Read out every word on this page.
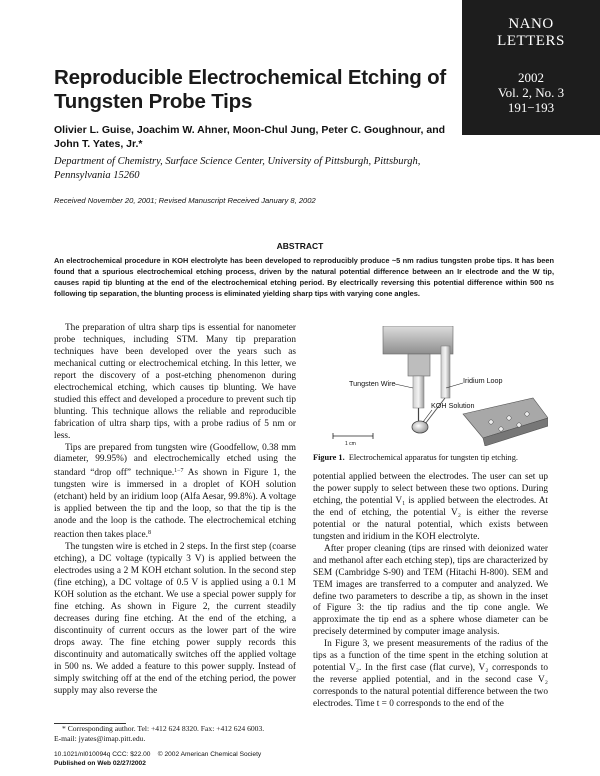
NANO
LETTERS
2002
Vol. 2, No. 3
191−193
Reproducible Electrochemical Etching of Tungsten Probe Tips
Olivier L. Guise, Joachim W. Ahner, Moon-Chul Jung, Peter C. Goughnour, and John T. Yates, Jr.*
Department of Chemistry, Surface Science Center, University of Pittsburgh, Pittsburgh, Pennsylvania 15260
Received November 20, 2001; Revised Manuscript Received January 8, 2002
ABSTRACT
An electrochemical procedure in KOH electrolyte has been developed to reproducibly produce ~5 nm radius tungsten probe tips. It has been found that a spurious electrochemical etching process, driven by the natural potential difference between an Ir electrode and the W tip, causes rapid tip blunting at the end of the electrochemical etching period. By electrically reversing this potential difference within 500 ns following tip separation, the blunting process is eliminated yielding sharp tips with varying cone angles.

The preparation of ultra sharp tips is essential for nanometer probe techniques, including STM. Many tip preparation techniques have been developed over the years such as mechanical cutting or electrochemical etching. In this letter, we report the discovery of a post-etching phenomenon during electrochemical etching, which causes tip blunting. We have studied this effect and developed a procedure to prevent such tip blunting. This technique allows the reliable and reproducible fabrication of ultra sharp tips, with a probe radius of 5 nm or less.

Tips are prepared from tungsten wire (Goodfellow, 0.38 mm diameter, 99.95%) and electrochemically etched using the standard “drop off” technique.$^{1-7}$ As shown in Figure 1, the tungsten wire is immersed in a droplet of KOH solution (etchant) held by an iridium loop (Alfa Aesar, 99.8%). A voltage is applied between the tip and the loop, so that the tip is the anode and the loop is the cathode. The electrochemical etching reaction then takes place.$^8$

The tungsten wire is etched in 2 steps. In the first step (coarse etching), a DC voltage (typically 3 V) is applied between the electrodes using a 2 M KOH etchant solution. In the second step (fine etching), a DC voltage of 0.5 V is applied using a 0.1 M KOH solution as the etchant. We use a special power supply for fine etching. As shown in Figure 2, the current steadily decreases during fine etching. At the end of the etching, a discontinuity of current occurs as the lower part of the wire drops away. The fine etching power supply records this discontinuity and automatically switches off the applied voltage in 500 ns. We added a feature to this power supply. Instead of simply switching off at the end of the etching period, the power supply may also reverse the

Tungsten Wire	Iridium Loop
KOH Solution
1 cm
Figure 1. Electrochemical apparatus for tungsten tip etching.

potential applied between the electrodes. The user can set up the power supply to select between these two options. During etching, the potential V₁ is applied between the electrodes. At the end of etching, the potential V₂ is either the reverse potential or the natural potential, which exists between tungsten and iridium in the KOH electrolyte.

After proper cleaning (tips are rinsed with deionized water and methanol after each etching step), tips are characterized by SEM (Cambridge S-90) and TEM (Hitachi H-800). SEM and TEM images are transferred to a computer and analyzed. We define two parameters to describe a tip, as shown in the inset of Figure 3: the tip radius and the tip cone angle. We approximate the tip end as a sphere whose diameter can be precisely determined by computer image analysis.

In Figure 3, we present measurements of the radius of the tips as a function of the time spent in the etching solution at potential V₂. In the first case (flat curve), V₂ corresponds to the reverse applied potential, and in the second case V₂ corresponds to the natural potential difference between the two electrodes. Time t = 0 corresponds to the end of the

* Corresponding author. Tel: +412 624 8320. Fax: +412 624 6003.
E-mail: jyates@imap.pitt.edu.
10.1021/nl010094q CCC: $22.00 © 2002 American Chemical Society
Published on Web 02/27/2002
